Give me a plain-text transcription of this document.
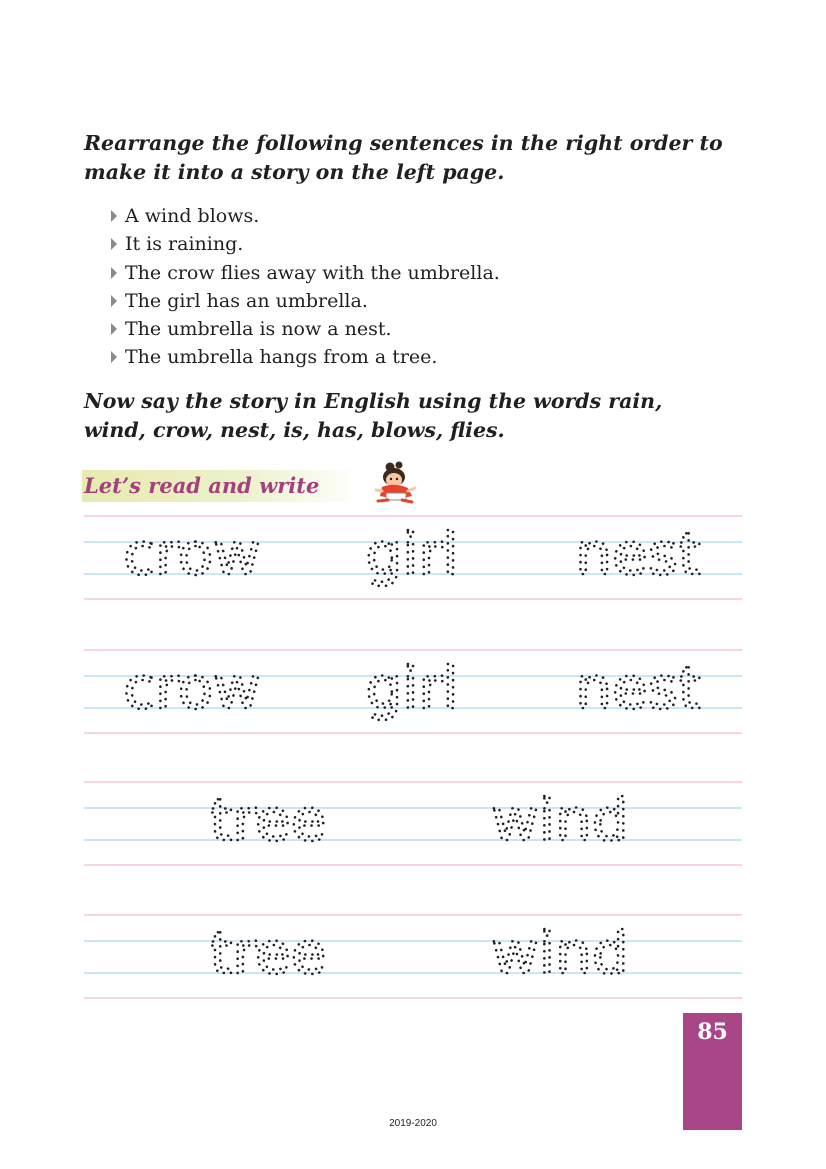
Rearrange the following sentences in the right order to make it into a story on the left page.

A wind blows.
It is raining.
The crow flies away with the umbrella.
The girl has an umbrella.
The umbrella is now a nest.
The umbrella hangs from a tree.

Now say the story in English using the words rain, wind, crow, nest, is, has, blows, flies.

Let’s read and write
crow girl nest
crow girl nest
tree	wind
tree	wind
85
2019-2020
